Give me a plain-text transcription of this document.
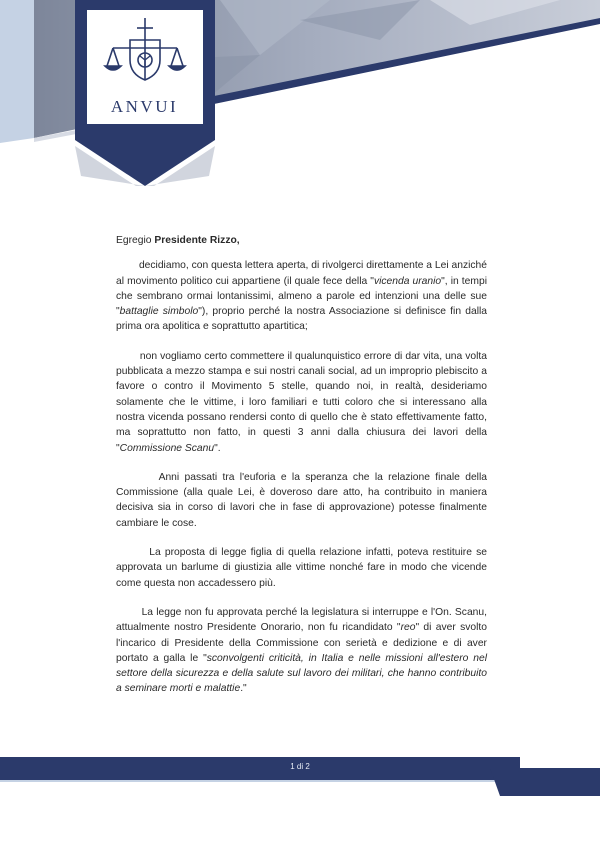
ANVUI

Egregio Presidente Rizzo,

decidiamo, con questa lettera aperta, di rivolgerci direttamente a Lei anziché al movimento politico cui appartiene (il quale fece della "vicenda uranio", in tempi che sembrano ormai lontanissimi, almeno a parole ed intenzioni una delle sue "battaglie simbolo"), proprio perché la nostra Associazione si definisce fin dalla prima ora apolitica e soprattutto apartitica;

non vogliamo certo commettere il qualunquistico errore di dar vita, una volta pubblicata a mezzo stampa e sui nostri canali social, ad un improprio plebiscito a favore o contro il Movimento 5 stelle, quando noi, in realtà, desideriamo solamente che le vittime, i loro familiari e tutti coloro che si interessano alla nostra vicenda possano rendersi conto di quello che è stato effettivamente fatto, ma soprattutto non fatto, in questi 3 anni dalla chiusura dei lavori della "Commissione Scanu".

Anni passati tra l'euforia e la speranza che la relazione finale della Commissione (alla quale Lei, è doveroso dare atto, ha contribuito in maniera decisiva sia in corso di lavori che in fase di approvazione) potesse finalmente cambiare le cose.

La proposta di legge figlia di quella relazione infatti, poteva restituire se approvata un barlume di giustizia alle vittime nonché fare in modo che vicende come questa non accadessero più.

La legge non fu approvata perché la legislatura si interruppe e l'On. Scanu, attualmente nostro Presidente Onorario, non fu ricandidato "reo" di aver svolto l'incarico di Presidente della Commissione con serietà e dedizione e di aver portato a galla le "sconvolgenti criticità, in Italia e nelle missioni all'estero nel settore della sicurezza e della salute sul lavoro dei militari, che hanno contribuito a seminare morti e malattie."

1 di 2
